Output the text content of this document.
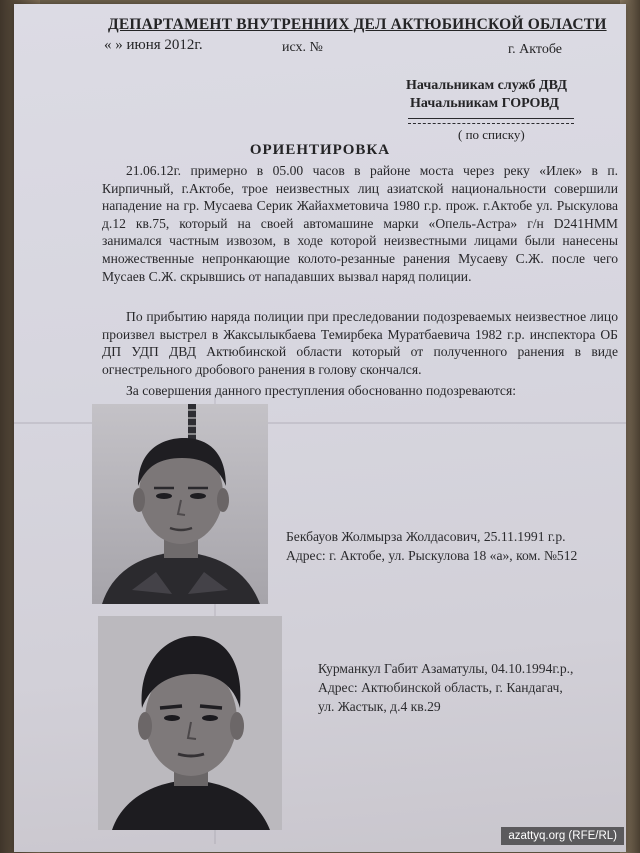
ДЕПАРТАМЕНТ ВНУТРЕННИХ ДЕЛ АКТЮБИНСКОЙ ОБЛАСТИ
« » июня 2012г.	исх. №	г. Актобе
Начальникам служб ДВД
Начальникам ГОРОВД
( по списку)
ОРИЕНТИРОВКА
21.06.12г. примерно в 05.00 часов в районе моста через реку «Илек» в п. Кирпичный, г.Актобе, трое неизвестных лиц азиатской национальности совершили нападение на гр. Мусаева Серик Жайахметовича 1980 г.р. прож. г.Актобе ул. Рыскулова д.12 кв.75, который на своей автомашине марки «Опель-Астра» г/н D241HMM занимался частным извозом, в ходе которой неизвестными лицами были нанесены множественные непронкающие колото-резанные ранения Мусаеву С.Ж. после чего Мусаев С.Ж. скрывшись от нападавших вызвал наряд полиции.
По прибытию наряда полиции при преследовании подозреваемых неизвестное лицо произвел выстрел в Жаксылыкбаева Темирбека Муратбаевича 1982 г.р. инспектора ОБ ДП УДП ДВД Актюбинской области который от полученного ранения в виде огнестрельного дробового ранения в голову скончался.
За совершения данного преступления обоснованно подозреваются:
Бекбауов Жолмырза Жолдасович, 25.11.1991 г.р.
Адрес: г. Актобе, ул. Рыскулова 18 «а», ком. №512
Курманкул Габит Азаматулы, 04.10.1994г.р.,
Адрес: Актюбинской область, г. Кандагач,
ул. Жастык, д.4 кв.29
azattyq.org (RFE/RL)
